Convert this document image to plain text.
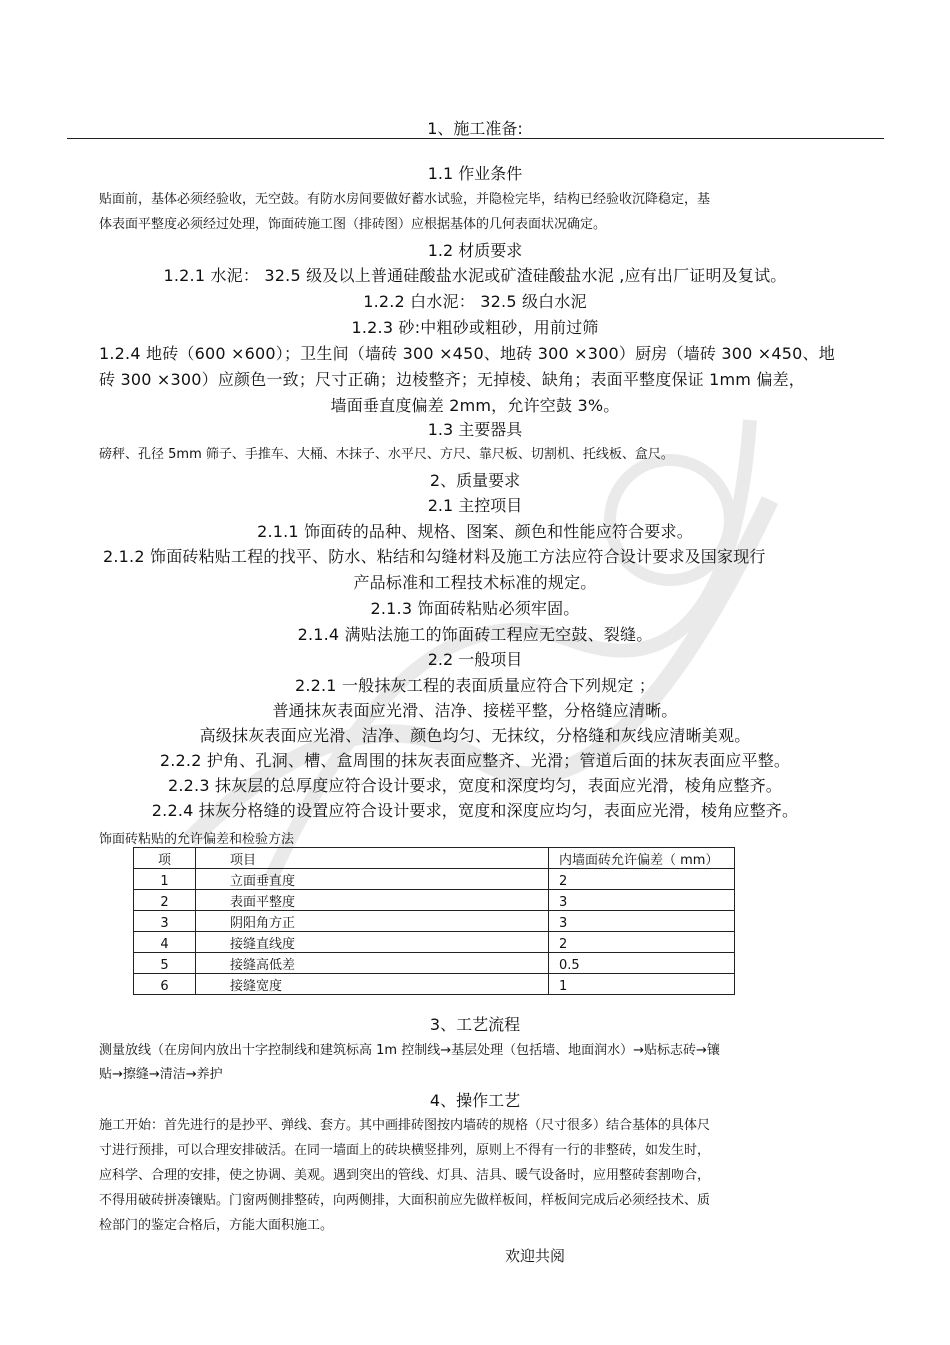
1、施工准备:
1.1 作业条件
贴面前，基体必须经验收，无空鼓。有防水房间要做好蓄水试验，并隐检完毕，结构已经验收沉降稳定，基
体表面平整度必须经过处理，饰面砖施工图（排砖图）应根据基体的几何表面状况确定。
1.2 材质要求
1.2.1 水泥： 32.5 级及以上普通硅酸盐水泥或矿渣硅酸盐水泥 ,应有出厂证明及复试。
1.2.2 白水泥： 32.5 级白水泥
1.2.3 砂:中粗砂或粗砂，用前过筛
1.2.4 地砖（600 ×600）；卫生间（墙砖 300 ×450、地砖 300 ×300）厨房（墙砖 300 ×450、地
砖 300 ×300）应颜色一致；尺寸正确；边棱整齐；无掉棱、缺角；表面平整度保证 1mm 偏差，
墙面垂直度偏差 2mm，允许空鼓 3%。
1.3 主要器具
磅秤、孔径 5mm 筛子、手推车、大桶、木抹子、水平尺、方尺、靠尺板、切割机、托线板、盒尺。
2、质量要求
2.1 主控项目
2.1.1 饰面砖的品种、规格、图案、颜色和性能应符合要求。
2.1.2 饰面砖粘贴工程的找平、防水、粘结和勾缝材料及施工方法应符合设计要求及国家现行
产品标准和工程技术标准的规定。
2.1.3 饰面砖粘贴必须牢固。
2.1.4 满贴法施工的饰面砖工程应无空鼓、裂缝。
2.2 一般项目
2.2.1 一般抹灰工程的表面质量应符合下列规定 ；
普通抹灰表面应光滑、洁净、接槎平整，分格缝应清晰。
高级抹灰表面应光滑、洁净、颜色均匀、无抹纹，分格缝和灰线应清晰美观。
2.2.2 护角、孔洞、槽、盒周围的抹灰表面应整齐、光滑；管道后面的抹灰表面应平整。
2.2.3 抹灰层的总厚度应符合设计要求，宽度和深度均匀，表面应光滑，棱角应整齐。
2.2.4 抹灰分格缝的设置应符合设计要求，宽度和深度应均匀，表面应光滑，棱角应整齐。
饰面砖粘贴的允许偏差和检验方法
项	项目	内墙面砖允许偏差（ mm）
1	立面垂直度	2
2	表面平整度	3
3	阴阳角方正	3
4	接缝直线度	2
5	接缝高低差	0.5
6	接缝宽度	1
3、工艺流程
测量放线（在房间内放出十字控制线和建筑标高 1m 控制线→基层处理（包括墙、地面润水）→贴标志砖→镶
贴→擦缝→清洁→养护
4、操作工艺
施工开始：首先进行的是抄平、弹线、套方。其中画排砖图按内墙砖的规格（尺寸很多）结合基体的具体尺
寸进行预排，可以合理安排破活。在同一墙面上的砖块横竖排列，原则上不得有一行的非整砖，如发生时，
应科学、合理的安排，使之协调、美观。遇到突出的管线、灯具、洁具、暖气设备时，应用整砖套割吻合，
不得用破砖拼凑镶贴。门窗两侧排整砖，向两侧排，大面积前应先做样板间，样板间完成后必须经技术、质
检部门的鉴定合格后，方能大面积施工。
欢迎共阅
